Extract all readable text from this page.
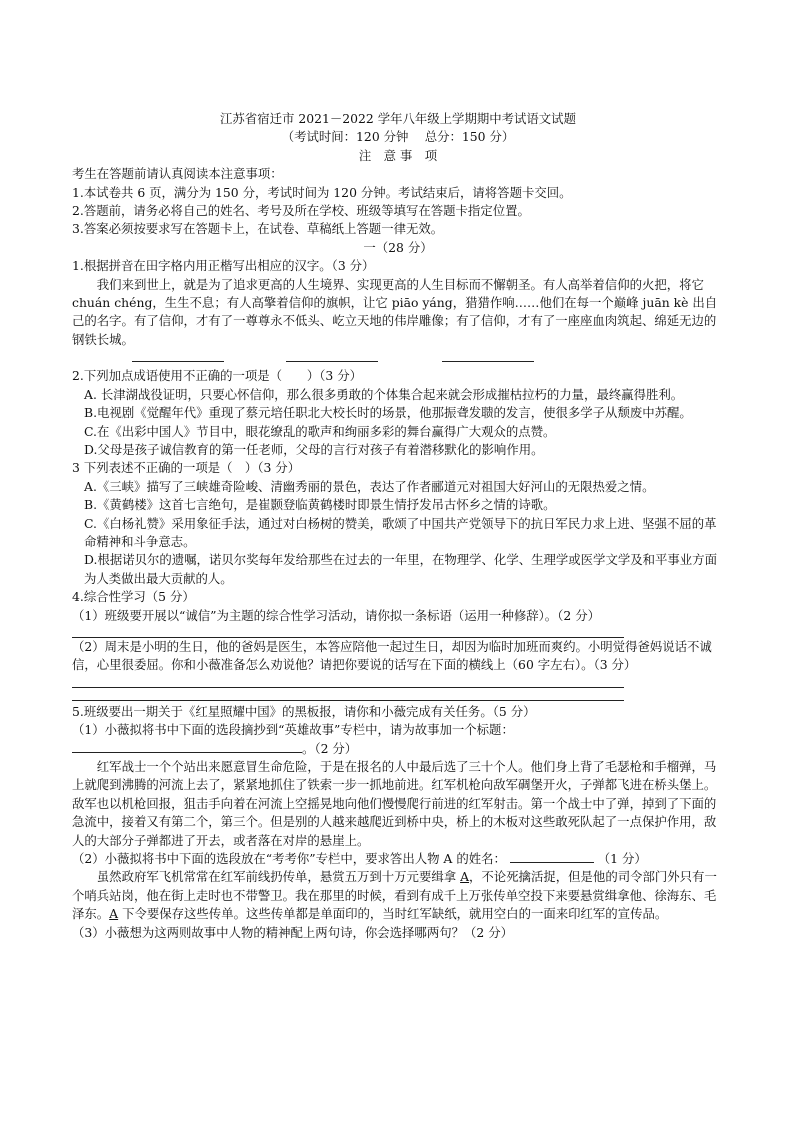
江苏省宿迁市 2021－2022 学年八年级上学期期中考试语文试题
（考试时间：120 分钟　 总分：150 分）
注　意 事　项
考生在答题前请认真阅读本注意事项：
1.本试卷共 6 页，满分为 150 分，考试时间为 120 分钟。考试结束后，请将答题卡交回。
2.答题前，请务必将自己的姓名、考号及所在学校、班级等填写在答题卡指定位置。
3.答案必须按要求写在答题卡上，在试卷、草稿纸上答题一律无效。
一（28 分）
1.根据拼音在田字格内用正楷写出相应的汉字。（3 分）
我们来到世上，就是为了追求更高的人生境界、实现更高的人生目标而不懈朝圣。有人高举着信仰的火把，将它 chuán chéng，生生不息；有人高擎着信仰的旗帜，让它 piāo yáng，猎猎作响……他们在每一个巅峰 juān kè 出自己的名字。有了信仰，才有了一尊尊永不低头、屹立天地的伟岸雕像；有了信仰，才有了一座座血肉筑起、绵延无边的钢铁长城。
2.下列加点成语使用不正确的一项是（　　）（3 分）
A. 长津湖战役证明，只要心怀信仰，那么很多勇敢的个体集合起来就会形成摧枯拉朽的力量，最终赢得胜利。
B.电视剧《觉醒年代》重现了蔡元培任职北大校长时的场景，他那振聋发聩的发言，使很多学子从颓废中苏醒。
C.在《出彩中国人》节目中，眼花缭乱的歌声和绚丽多彩的舞台赢得广大观众的点赞。
D.父母是孩子诚信教育的第一任老师，父母的言行对孩子有着潜移默化的影响作用。
3 下列表述不正确的一项是（　）（3 分）
A.《三峡》描写了三峡雄奇险峻、清幽秀丽的景色，表达了作者郦道元对祖国大好河山的无限热爱之情。
B.《黄鹤楼》这首七言绝句，是崔颢登临黄鹤楼时即景生情抒发吊古怀乡之情的诗歌。
C.《白杨礼赞》采用象征手法，通过对白杨树的赞美，歌颂了中国共产党领导下的抗日军民力求上进、坚强不屈的革命精神和斗争意志。
D.根据诺贝尔的遗嘱，诺贝尔奖每年发给那些在过去的一年里，在物理学、化学、生理学或医学文学及和平事业方面为人类做出最大贡献的人。
4.综合性学习（5 分）
（1）班级要开展以“诚信”为主题的综合性学习活动，请你拟一条标语（运用一种修辞）。（2 分）
（2）周末是小明的生日，他的爸妈是医生，本答应陪他一起过生日，却因为临时加班而爽约。小明觉得爸妈说话不诚信，心里很委屈。你和小薇准备怎么劝说他？请把你要说的话写在下面的横线上（60 字左右）。（3 分）
5.班级要出一期关于《红星照耀中国》的黑板报，请你和小薇完成有关任务。（5 分）
（1）小薇拟将书中下面的选段摘抄到“英雄故事”专栏中，请为故事加一个标题：
。（2 分）
红军战士一个个站出来愿意冒生命危险，于是在报名的人中最后选了三十个人。他们身上背了毛瑟枪和手榴弹，马上就爬到沸腾的河流上去了，紧紧地抓住了铁索一步一抓地前进。红军机枪向敌军碉堡开火，子弹都飞进在桥头堡上。敌军也以机枪回报，狙击手向着在河流上空摇晃地向他们慢慢爬行前进的红军射击。第一个战士中了弹，掉到了下面的急流中，接着又有第二个，第三个。但是别的人越来越爬近到桥中央，桥上的木板对这些敢死队起了一点保护作用，敌人的大部分子弹都进了开去，或者落在对岸的悬崖上。
（2）小薇拟将书中下面的选段放在“考考你”专栏中，要求答出人物 A 的姓名：	（1 分）
虽然政府军飞机常常在红军前线扔传单，悬赏五万到十万元要缉拿 A，不论死擒活捉，但是他的司令部门外只有一个哨兵站岗，他在街上走时也不带警卫。我在那里的时候，看到有成千上万张传单空投下来要悬赏缉拿他、徐海东、毛泽东。A 下令要保存这些传单。这些传单都是单面印的，当时红军缺纸，就用空白的一面来印红军的宣传品。
（3）小薇想为这两则故事中人物的精神配上两句诗，你会选择哪两句？（2 分）
